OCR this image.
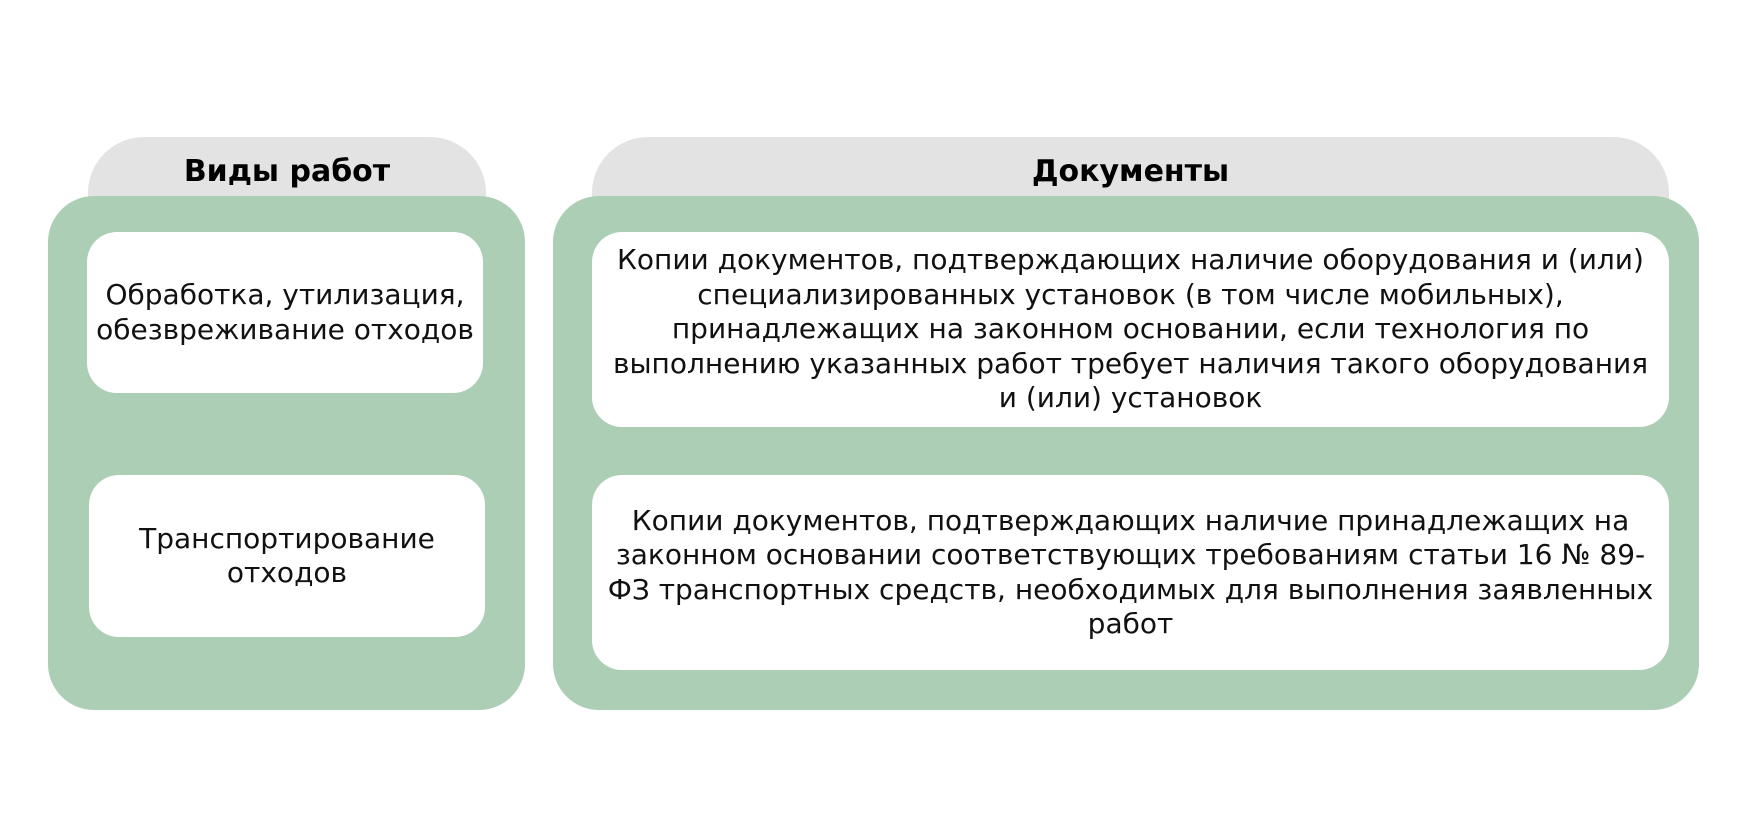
Виды работ	Документы
Обработка, утилизация, обезвреживание отходов
Транспортирование отходов
Копии документов, подтверждающих наличие оборудования и (или) специализированных установок (в том числе мобильных), принадлежащих на законном основании, если технология по выполнению указанных работ требует наличия такого оборудования и (или) установок
Копии документов, подтверждающих наличие принадлежащих на законном основании соответствующих требованиям статьи 16 № 89-ФЗ транспортных средств, необходимых для выполнения заявленных работ
